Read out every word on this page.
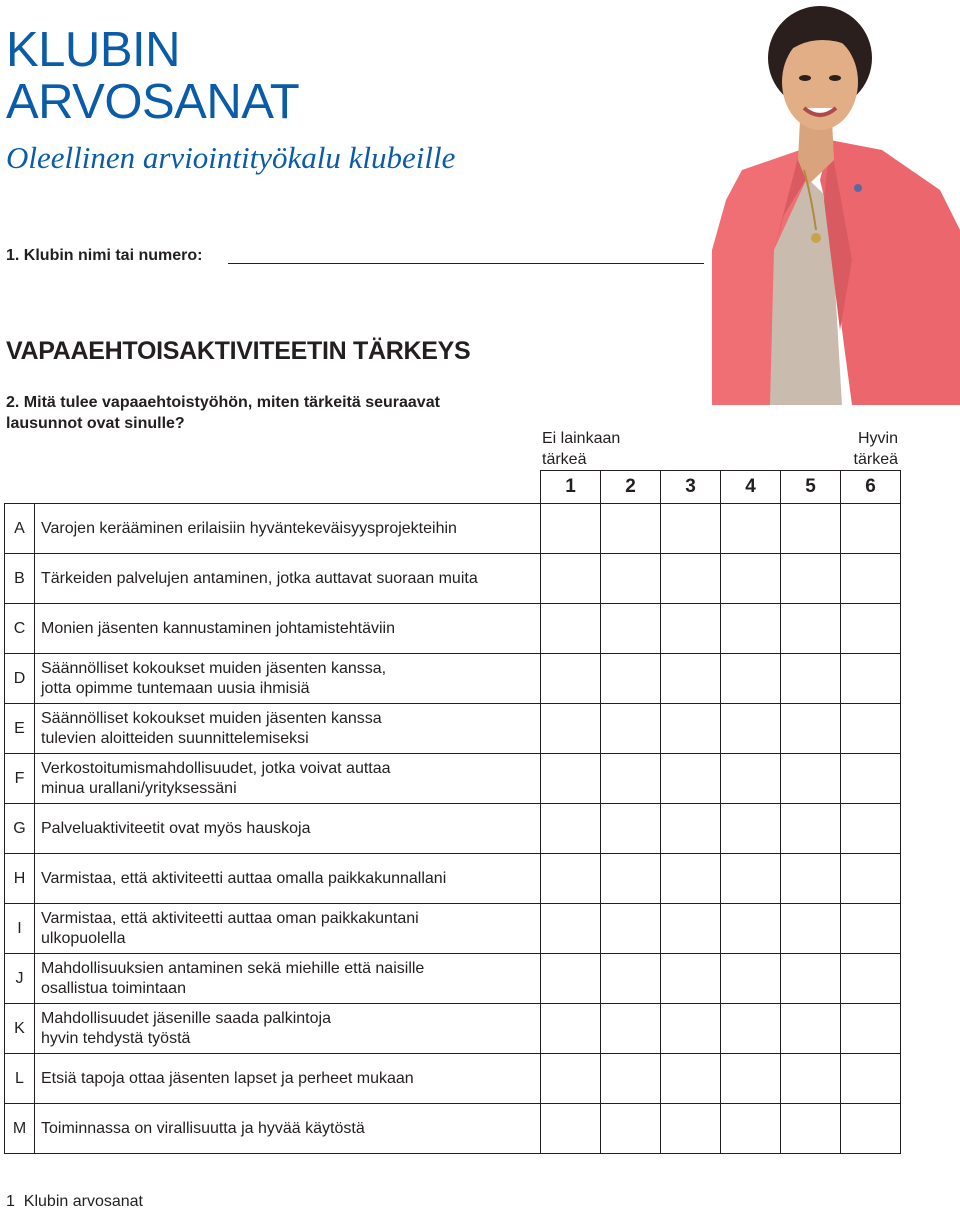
KLUBIN
ARVOSANAT
Oleellinen arviointityökalu klubeille
1. Klubin nimi tai numero:
VAPAAEHTOISAKTIVITEETIN TÄRKEYS
2. Mitä tulee vapaaehtoistyöhön, miten tärkeitä seuraavat lausunnot ovat sinulle?
Ei lainkaan
tärkeä
Hyvin
tärkeä
		1	2	3	4	5	6
A	Varojen kerääminen erilaisiin hyväntekeväisyysprojekteihin						

B	Tärkeiden palvelujen antaminen, jotka auttavat suoraan muita						

C	Monien jäsenten kannustaminen johtamistehtäviin						

D	Säännölliset kokoukset muiden jäsenten kanssa,
jotta opimme tuntemaan uusia ihmisiä						

E	Säännölliset kokoukset muiden jäsenten kanssa
tulevien aloitteiden suunnittelemiseksi						

F	Verkostoitumismahdollisuudet, jotka voivat auttaa
minua urallani/yrityksessäni						

G	Palveluaktiviteetit ovat myös hauskoja						

H	Varmistaa, että aktiviteetti auttaa omalla paikkakunnallani						

I	Varmistaa, että aktiviteetti auttaa oman paikkakuntani
ulkopuolella						

J	Mahdollisuuksien antaminen sekä miehille että naisille
osallistua toimintaan						

K	Mahdollisuudet jäsenille saada palkintoja
hyvin tehdystä työstä						

L	Etsiä tapoja ottaa jäsenten lapset ja perheet mukaan						

M	Toiminnassa on virallisuutta ja hyvää käytöstä						

1 Klubin arvosanat
